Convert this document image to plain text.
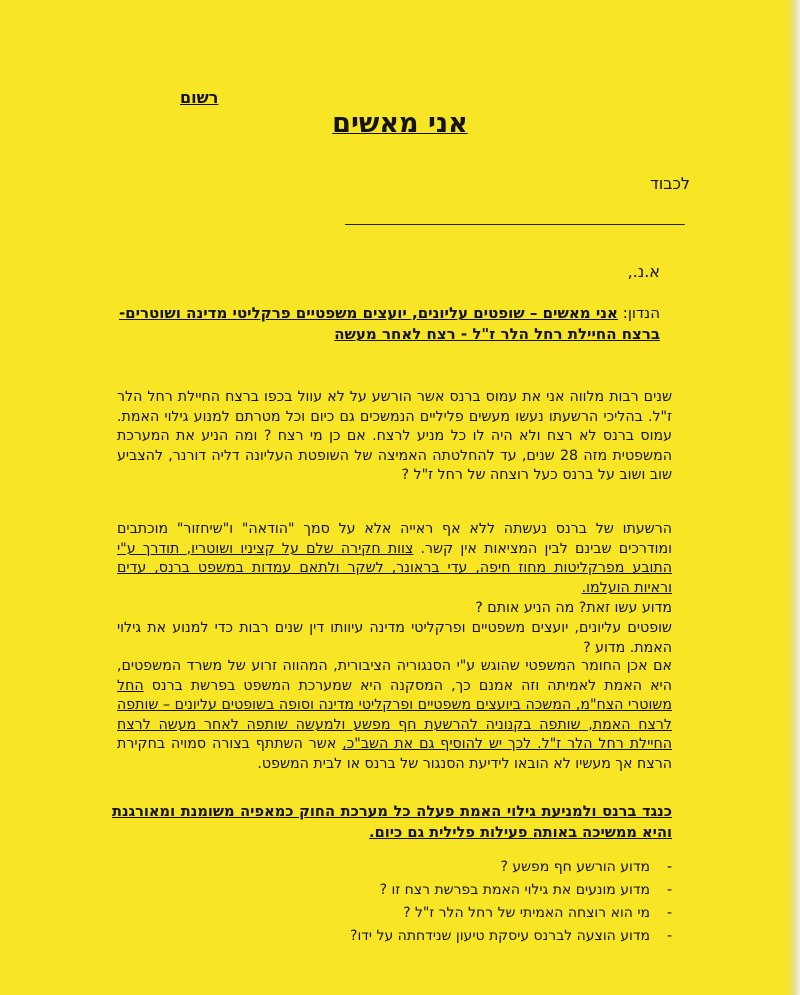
רשום
אני מאשים
לכבוד
א.נ.,
הנדון: אני מאשים – שופטים עליונים, יועצים משפטיים פרקליטי מדינה ושוטרים- ברצח החיילת רחל הלר ז"ל - רצח לאחר מעשה

שנים רבות מלווה אני את עמוס ברנס אשר הורשע על לא עוול בכפו ברצח החיילת רחל הלר ז"ל. בהליכי הרשעתו נעשו מעשים פליליים הנמשכים גם כיום וכל מטרתם למנוע גילוי האמת. עמוס ברנס לא רצח ולא היה לו כל מניע לרצח. אם כן מי רצח ? ומה הניע את המערכת המשפטית מזה 28 שנים, עד להחלטתה האמיצה של השופטת העליונה דליה דורנר, להצביע שוב ושוב על ברנס כעל רוצחה של רחל ז"ל ?

הרשעתו של ברנס נעשתה ללא אף ראייה אלא על סמך "הודאה" ו"שיחזור" מוכתבים ומודרכים שבינם לבין המציאות אין קשר. צוות חקירה שלם על קציניו ושוטריו, תודרך ע"י התובע מפרקליטות מחוז חיפה, עדי בראונר, לשקר ולתאם עמדות במשפט ברנס, עדים וראיות הועלמו.

מדוע עשו זאת? מה הניע אותם ?

שופטים עליונים, יועצים משפטיים ופרקליטי מדינה עיוותו דין שנים רבות כדי למנוע את גילוי האמת. מדוע ?

אם אכן החומר המשפטי שהוגש ע"י הסנגוריה הציבורית, המהווה זרוע של משרד המשפטים, היא האמת לאמיתה וזה אמנם כך, המסקנה היא שמערכת המשפט בפרשת ברנס החל משוטרי הצח"מ, המשכה ביועצים משפטיים ופרקליטי מדינה וסופה בשופטים עליונים – שותפה לרצח האמת, שותפה בקנוניה להרשעת חף מפשע ולמעשה שותפה לאחר מעשה לרצח החיילת רחל הלר ז"ל. לכך יש להוסיף גם את השב"כ, אשר השתתף בצורה סמויה בחקירת הרצח אך מעשיו לא הובאו לידיעת הסנגור של ברנס או לבית המשפט.

כנגד ברנס ולמניעת גילוי האמת פעלה כל מערכת החוק כמאפיה משומנת ומאורגנת והיא ממשיכה באותה פעילות פלילית גם כיום.

- מדוע הורשע חף מפשע ?
- מדוע מונעים את גילוי האמת בפרשת רצח זו ?
- מי הוא רוצחה האמיתי של רחל הלר ז"ל ?
- מדוע הוצעה לברנס עיסקת טיעון שנידחתה על ידו?
